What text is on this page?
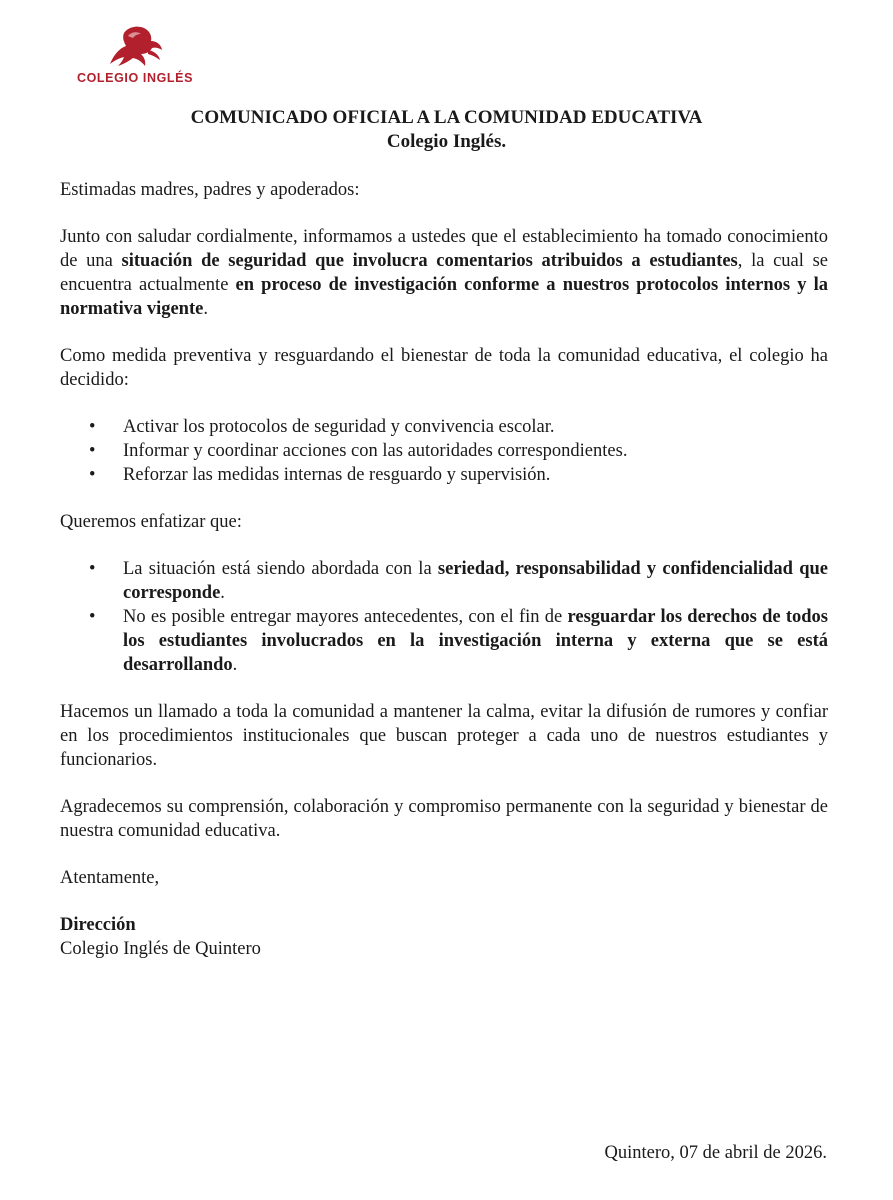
COLEGIO INGLÉS
COMUNICADO OFICIAL A LA COMUNIDAD EDUCATIVA
Colegio Inglés.

Estimadas madres, padres y apoderados:

Junto con saludar cordialmente, informamos a ustedes que el establecimiento ha tomado conocimiento de una situación de seguridad que involucra comentarios atribuidos a estudiantes, la cual se encuentra actualmente en proceso de investigación conforme a nuestros protocolos internos y la normativa vigente.

Como medida preventiva y resguardando el bienestar de toda la comunidad educativa, el colegio ha decidido:

• Activar los protocolos de seguridad y convivencia escolar.
• Informar y coordinar acciones con las autoridades correspondientes.
• Reforzar las medidas internas de resguardo y supervisión.

Queremos enfatizar que:

• La situación está siendo abordada con la seriedad, responsabilidad y confidencialidad que corresponde.
• No es posible entregar mayores antecedentes, con el fin de resguardar los derechos de todos los estudiantes involucrados en la investigación interna y externa que se está desarrollando.

Hacemos un llamado a toda la comunidad a mantener la calma, evitar la difusión de rumores y confiar en los procedimientos institucionales que buscan proteger a cada uno de nuestros estudiantes y funcionarios.

Agradecemos su comprensión, colaboración y compromiso permanente con la seguridad y bienestar de nuestra comunidad educativa.

Atentamente,

Dirección

Colegio Inglés de Quintero

Quintero, 07 de abril de 2026.
